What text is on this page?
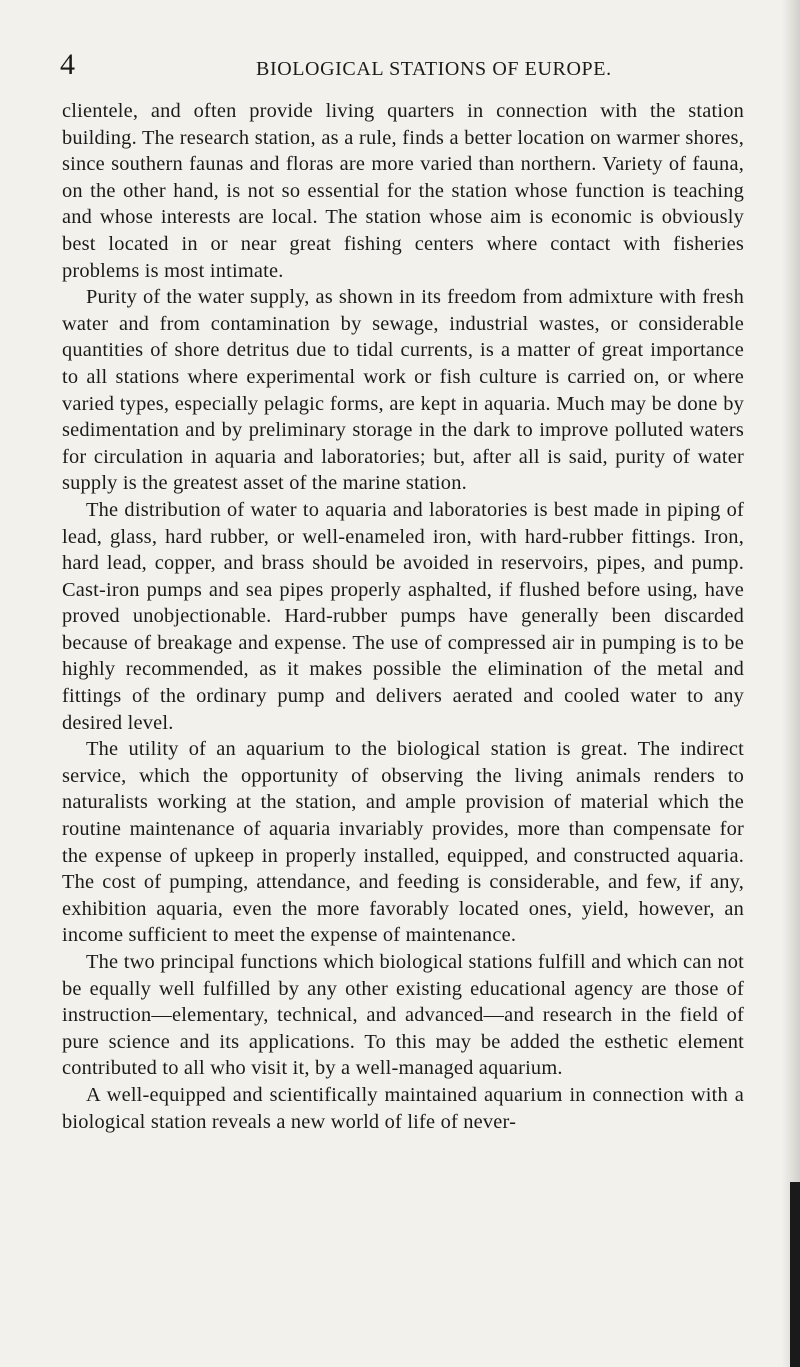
4	BIOLOGICAL STATIONS OF EUROPE.

clientele, and often provide living quarters in connection with the station building. The research station, as a rule, finds a better location on warmer shores, since southern faunas and floras are more varied than northern. Variety of fauna, on the other hand, is not so essential for the station whose function is teaching and whose interests are local. The station whose aim is economic is obviously best located in or near great fishing centers where contact with fisheries problems is most intimate.

Purity of the water supply, as shown in its freedom from admixture with fresh water and from contamination by sewage, industrial wastes, or considerable quantities of shore detritus due to tidal currents, is a matter of great importance to all stations where experimental work or fish culture is carried on, or where varied types, especially pelagic forms, are kept in aquaria. Much may be done by sedimentation and by preliminary storage in the dark to improve polluted waters for circulation in aquaria and laboratories; but, after all is said, purity of water supply is the greatest asset of the marine station.

The distribution of water to aquaria and laboratories is best made in piping of lead, glass, hard rubber, or well-enameled iron, with hard-rubber fittings. Iron, hard lead, copper, and brass should be avoided in reservoirs, pipes, and pump. Cast-iron pumps and sea pipes properly asphalted, if flushed before using, have proved unobjectionable. Hard-rubber pumps have generally been discarded because of breakage and expense. The use of compressed air in pumping is to be highly recommended, as it makes possible the elimination of the metal and fittings of the ordinary pump and delivers aerated and cooled water to any desired level.

The utility of an aquarium to the biological station is great. The indirect service, which the opportunity of observing the living animals renders to naturalists working at the station, and ample provision of material which the routine maintenance of aquaria invariably provides, more than compensate for the expense of upkeep in properly installed, equipped, and constructed aquaria. The cost of pumping, attendance, and feeding is considerable, and few, if any, exhibition aquaria, even the more favorably located ones, yield, however, an income sufficient to meet the expense of maintenance.

The two principal functions which biological stations fulfill and which can not be equally well fulfilled by any other existing educational agency are those of instruction—elementary, technical, and advanced—and research in the field of pure science and its applications. To this may be added the esthetic element contributed to all who visit it, by a well-managed aquarium.

A well-equipped and scientifically maintained aquarium in connection with a biological station reveals a new world of life of never-
